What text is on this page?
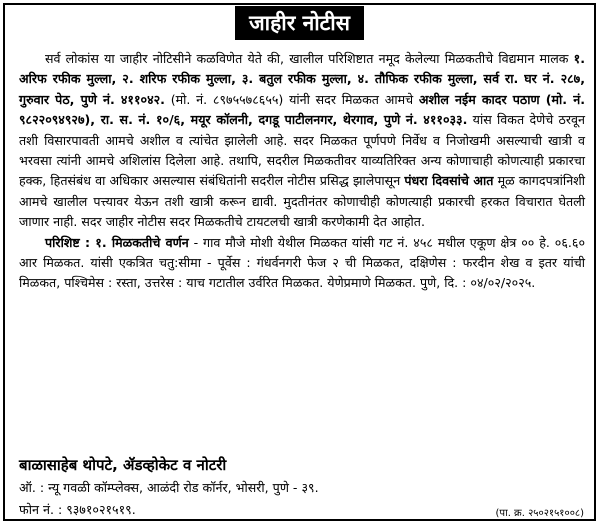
जाहीर नोटीस

सर्व लोकांस या जाहीर नोटिसीने कळविणेत येते की, खालील परिशिष्टात नमूद केलेल्या मिळकतीचे विद्यमान मालक १. अरिफ रफीक मुल्ला, २. शरिफ रफीक मुल्ला, ३. बतुल रफीक मुल्ला, ४. तौफिक रफीक मुल्ला, सर्व रा. घर नं. २८७, गुरुवार पेठ, पुणे नं. ४११०४२. (मो. नं. ८९७५५७८६५५) यांनी सदर मिळकत आमचे अशील नईम कादर पठाण (मो. नं. ९८२२०९४९२७), रा. स. नं. १०/६, मयूर कॉलनी, दगडू पाटीलनगर, थेरगाव, पुणे नं. ४११०३३. यांस विकत देणेचे ठरवून तशी विसारपावती आमचे अशील व त्यांचेत झालेली आहे. सदर मिळकत पूर्णपणे निर्वेध व निजोखमी असल्याची खात्री व भरवसा त्यांनी आमचे अशिलांस दिलेला आहे. तथापि, सदरील मिळकतीवर याव्यतिरिक्त अन्य कोणाचाही कोणत्याही प्रकारचा हक्क, हितसंबंध वा अधिकार असल्यास संबंधितांनी सदरील नोटीस प्रसिद्ध झालेपासून पंधरा दिवसांचे आत मूळ कागदपत्रांनिशी आमचे खालील पत्त्यावर येऊन तशी खात्री करून द्यावी. मुदतीनंतर कोणाचीही कोणत्याही प्रकारची हरकत विचारात घेतली जाणार नाही. सदर जाहीर नोटीस सदर मिळकतीचे टायटलची खात्री करणेकामी देत आहोत.

परिशिष्ट : १. मिळकतीचे वर्णन - गाव मौजे मोशी येथील मिळकत यांसी गट नं. ४५८ मधील एकूण क्षेत्र ०० हे. ०६.६० आर मिळकत. यांसी एकत्रित चतु:सीमा - पूर्वेस : गंधर्वनगरी फेज २ ची मिळकत, दक्षिणेस : फरदीन शेख व इतर यांची मिळकत, पश्चिमेस : रस्ता, उत्तरेस : याच गटातील उर्वरित मिळकत. येणेप्रमाणे मिळकत. पुणे, दि. : ०४/०२/२०२५.

बाळासाहेब थोपटे, ॲडव्होकेट व नोटरी
ऑ. : न्यू गवळी कॉम्प्लेक्स, आळंदी रोड कॉर्नर, भोसरी, पुणे - ३९.
फोन नं. : ९३७१०२१५१९.	(पा. क्र. २५०२१५१००८)
